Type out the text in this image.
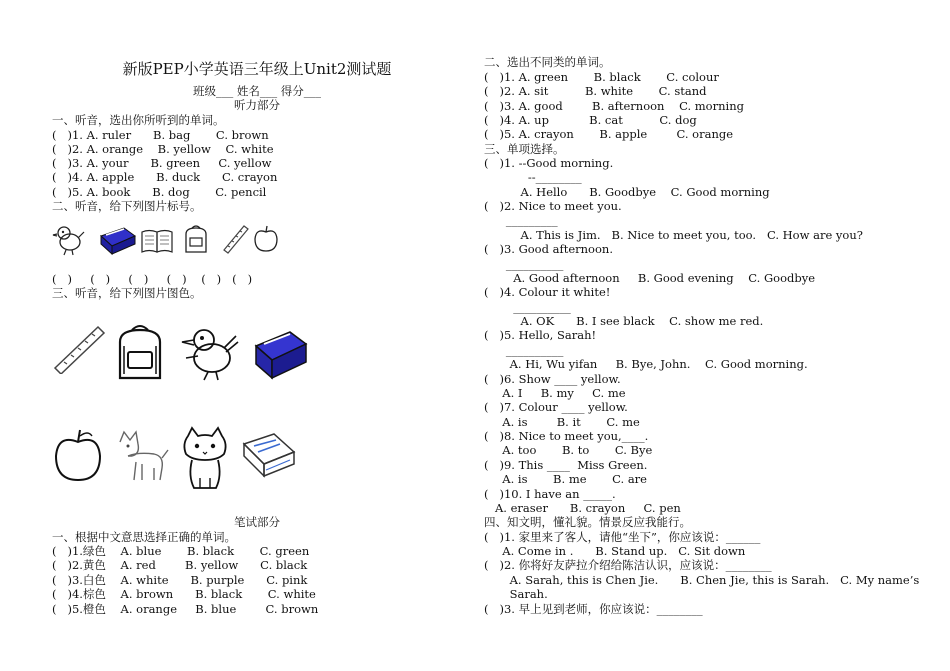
新版PEP小学英语三年级上Unit2测试题
班级___ 姓名___ 得分___
听力部分
一、听音，选出你所听到的单词。
(   )1. A. ruler      B. bag       C. brown
(   )2. A. orange    B. yellow    C. white
(   )3. A. your      B. green     C. yellow
(   )4. A. apple      B. duck      C. crayon
(   )5. A. book      B. dog       C. pencil
二、听音，给下列图片标号。
(   )     (   )     (   )     (   )    (   )   (   )
三、听音，给下列图片图色。
笔试部分
一、根据中文意思选择正确的单词。
(   )1.绿色    A. blue       B. black       C. green
(   )2.黄色    A. red        B. yellow      C. black
(   )3.白色    A. white      B. purple      C. pink
(   )4.棕色    A. brown      B. black       C. white
(   )5.橙色    A. orange     B. blue        C. brown
二、选出不同类的单词。
(   )1. A. green       B. black       C. colour
(   )2. A. sit          B. white       C. stand
(   )3. A. good        B. afternoon    C. morning
(   )4. A. up           B. cat          C. dog
(   )5. A. crayon       B. apple        C. orange
三、单项选择。
(   )1. --Good morning.
--________
A. Hello      B. Goodbye    C. Good morning
(   )2. Nice to meet you.
_________
A. This is Jim.   B. Nice to meet you, too.   C. How are you?
(   )3. Good afternoon.
__________
A. Good afternoon     B. Good evening    C. Goodbye
(   )4. Colour it white!
__________
A. OK      B. I see black    C. show me red.
(   )5. Hello, Sarah!
__________
A. Hi, Wu yifan     B. Bye, John.    C. Good morning.
(   )6. Show ____ yellow.
A. I     B. my     C. me
(   )7. Colour ____ yellow.
A. is        B. it       C. me
(   )8. Nice to meet you,____.
A. too       B. to       C. Bye
(   )9. This ____  Miss Green.
A. is       B. me       C. are
(   )10. I have an _____.
A. eraser      B. crayon     C. pen
四、知文明，懂礼貌。情景反应我能行。
(   )1. 家里来了客人，请他“坐下”，你应该说：______
A. Come in .      B. Stand up.   C. Sit down
(   )2. 你将好友萨拉介绍给陈洁认识，应该说：________
A. Sarah, this is Chen Jie.      B. Chen Jie, this is Sarah.   C. My name’s
Sarah.
(   )3. 早上见到老师，你应该说：________
